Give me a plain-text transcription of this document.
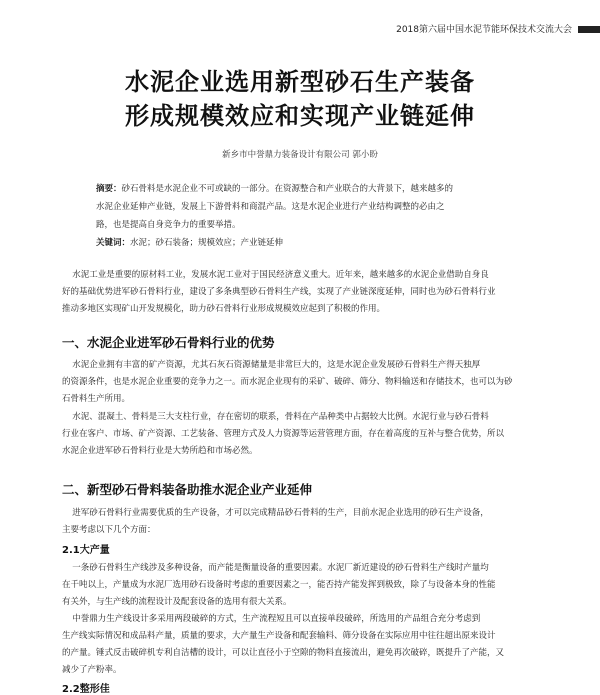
2018第六届中国水泥节能环保技术交流大会
水泥企业选用新型砂石生产装备
形成规模效应和实现产业链延伸
新乡市中誉鼎力装备设计有限公司 郭小盼
摘要：砂石骨料是水泥企业不可或缺的一部分。在资源整合和产业联合的大背景下，越来越多的
水泥企业延伸产业链，发展上下游骨料和商混产品。这是水泥企业进行产业结构调整的必由之
路，也是提高自身竞争力的重要举措。
关键词：水泥；砂石装备；规模效应；产业链延伸
水泥工业是重要的原材料工业，发展水泥工业对于国民经济意义重大。近年来，越来越多的水泥企业借助自身良
好的基础优势进军砂石骨料行业，建设了多条典型砂石骨料生产线，实现了产业链深度延伸，同时也为砂石骨料行业
推动多地区实现矿山开发规模化，助力砂石骨料行业形成规模效应起到了积极的作用。
一、水泥企业进军砂石骨料行业的优势
水泥企业拥有丰富的矿产资源，尤其石灰石资源储量是非常巨大的，这是水泥企业发展砂石骨料生产得天独厚
的资源条件，也是水泥企业重要的竞争力之一。而水泥企业现有的采矿、破碎、筛分、物料输送和存储技术，也可以为砂
石骨料生产所用。
水泥、混凝土、骨料是三大支柱行业，存在密切的联系，骨料在产品种类中占据较大比例。水泥行业与砂石骨料
行业在客户、市场、矿产资源、工艺装备、管理方式及人力资源等运营管理方面，存在着高度的互补与整合优势，所以
水泥企业进军砂石骨料行业是大势所趋和市场必然。
二、新型砂石骨料装备助推水泥企业产业延伸
进军砂石骨料行业需要优质的生产设备，才可以完成精品砂石骨料的生产，目前水泥企业选用的砂石生产设备，
主要考虑以下几个方面：
2.1大产量
一条砂石骨料生产线涉及多种设备，而产能是衡量设备的重要因素。水泥厂新近建设的砂石骨料生产线时产量均
在千吨以上，产量成为水泥厂选用砂石设备时考虑的重要因素之一，能否持产能发挥到极致，除了与设备本身的性能
有关外，与生产线的流程设计及配套设备的选用有很大关系。
中誉鼎力生产线设计多采用两段破碎的方式，生产流程短且可以直接单段破碎，所选用的产品组合充分考虑到
生产线实际情况和成品料产量，质量的要求，大产量生产设备和配套输料、筛分设备在实际应用中往往超出原来设计
的产量。锤式反击破碎机专利自洁槽的设计，可以让直径小于空隙的物料直接流出，避免再次破碎，既提升了产能，又
减少了产粉率。
2.2整形佳
